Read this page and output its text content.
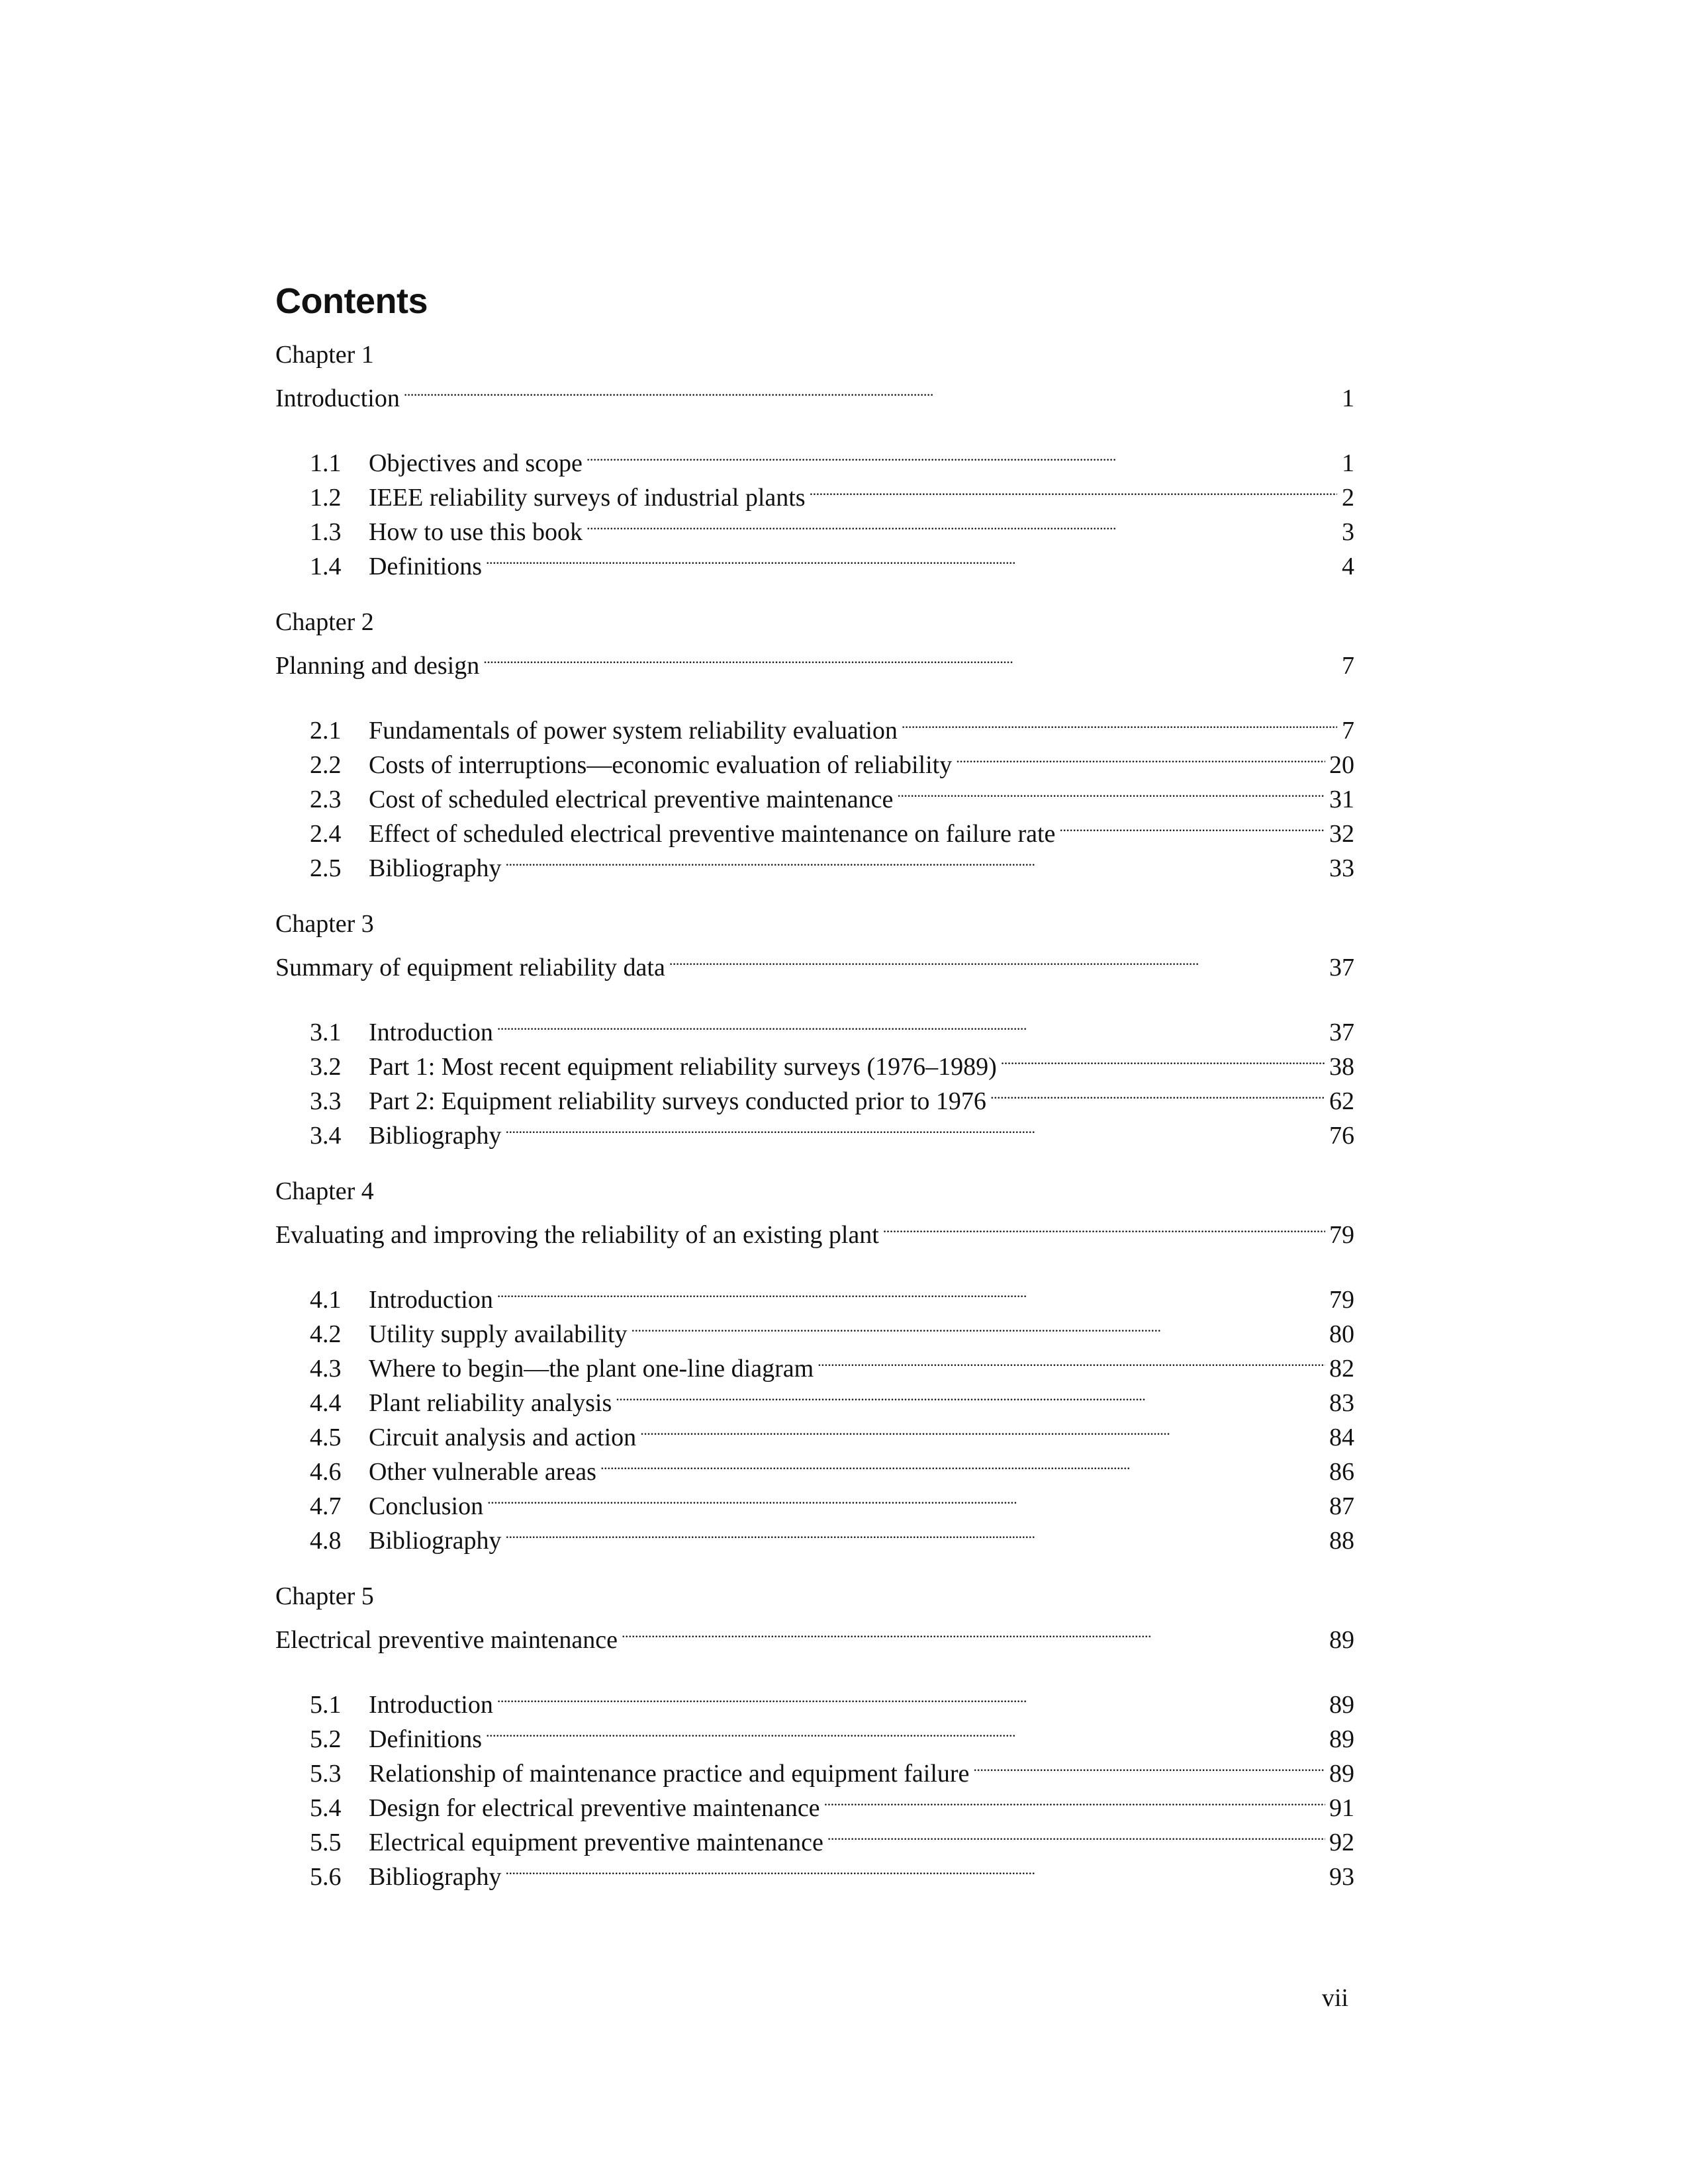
Contents
Chapter 1
Introduction . . .	1
1.1	Objectives and scope . . .	1
1.2	IEEE reliability surveys of industrial plants . . .	2
1.3	How to use this book . . .	3
1.4	Definitions . . .	4
Chapter 2
Planning and design . . .	7
2.1	Fundamentals of power system reliability evaluation . . .	7
2.2	Costs of interruptions—economic evaluation of reliability . . .	20
2.3	Cost of scheduled electrical preventive maintenance . . .	31
2.4	Effect of scheduled electrical preventive maintenance on failure rate . . .	32
2.5	Bibliography . . .	33
Chapter 3
Summary of equipment reliability data . . .	37
3.1	Introduction . . .	37
3.2	Part 1: Most recent equipment reliability surveys (1976–1989) . . .	38
3.3	Part 2: Equipment reliability surveys conducted prior to 1976 . . .	62
3.4	Bibliography . . .	76
Chapter 4
Evaluating and improving the reliability of an existing plant . . .	79
4.1	Introduction . . .	79
4.2	Utility supply availability . . .	80
4.3	Where to begin—the plant one-line diagram . . .	82
4.4	Plant reliability analysis . . .	83
4.5	Circuit analysis and action . . .	84
4.6	Other vulnerable areas . . .	86
4.7	Conclusion . . .	87
4.8	Bibliography . . .	88
Chapter 5
Electrical preventive maintenance . . .	89
5.1	Introduction . . .	89
5.2	Definitions . . .	89
5.3	Relationship of maintenance practice and equipment failure . . .	89
5.4	Design for electrical preventive maintenance . . .	91
5.5	Electrical equipment preventive maintenance . . .	92
5.6	Bibliography . . .	93
vii
